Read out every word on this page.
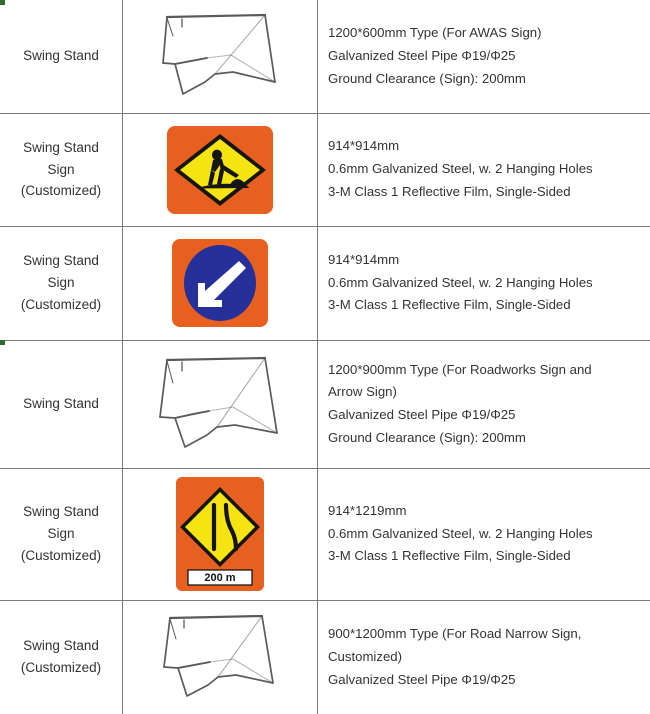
Swing Stand		1200*600mm Type (For AWAS Sign)
Galvanized Steel Pipe Φ19/Φ25
Ground Clearance (Sign): 200mm

Swing Stand
Sign
(Customized)		914*914mm
0.6mm Galvanized Steel, w. 2 Hanging Holes
3-M Class 1 Reflective Film, Single-Sided

Swing Stand
Sign
(Customized)		914*914mm
0.6mm Galvanized Steel, w. 2 Hanging Holes
3-M Class 1 Reflective Film, Single-Sided

Swing Stand		1200*900mm Type (For Roadworks Sign and
Arrow Sign)
Galvanized Steel Pipe Φ19/Φ25
Ground Clearance (Sign): 200mm

Swing Stand
Sign
(Customized)	200 m	914*1219mm
0.6mm Galvanized Steel, w. 2 Hanging Holes
3-M Class 1 Reflective Film, Single-Sided

Swing Stand
(Customized)		900*1200mm Type (For Road Narrow Sign,
Customized)
Galvanized Steel Pipe Φ19/Φ25
